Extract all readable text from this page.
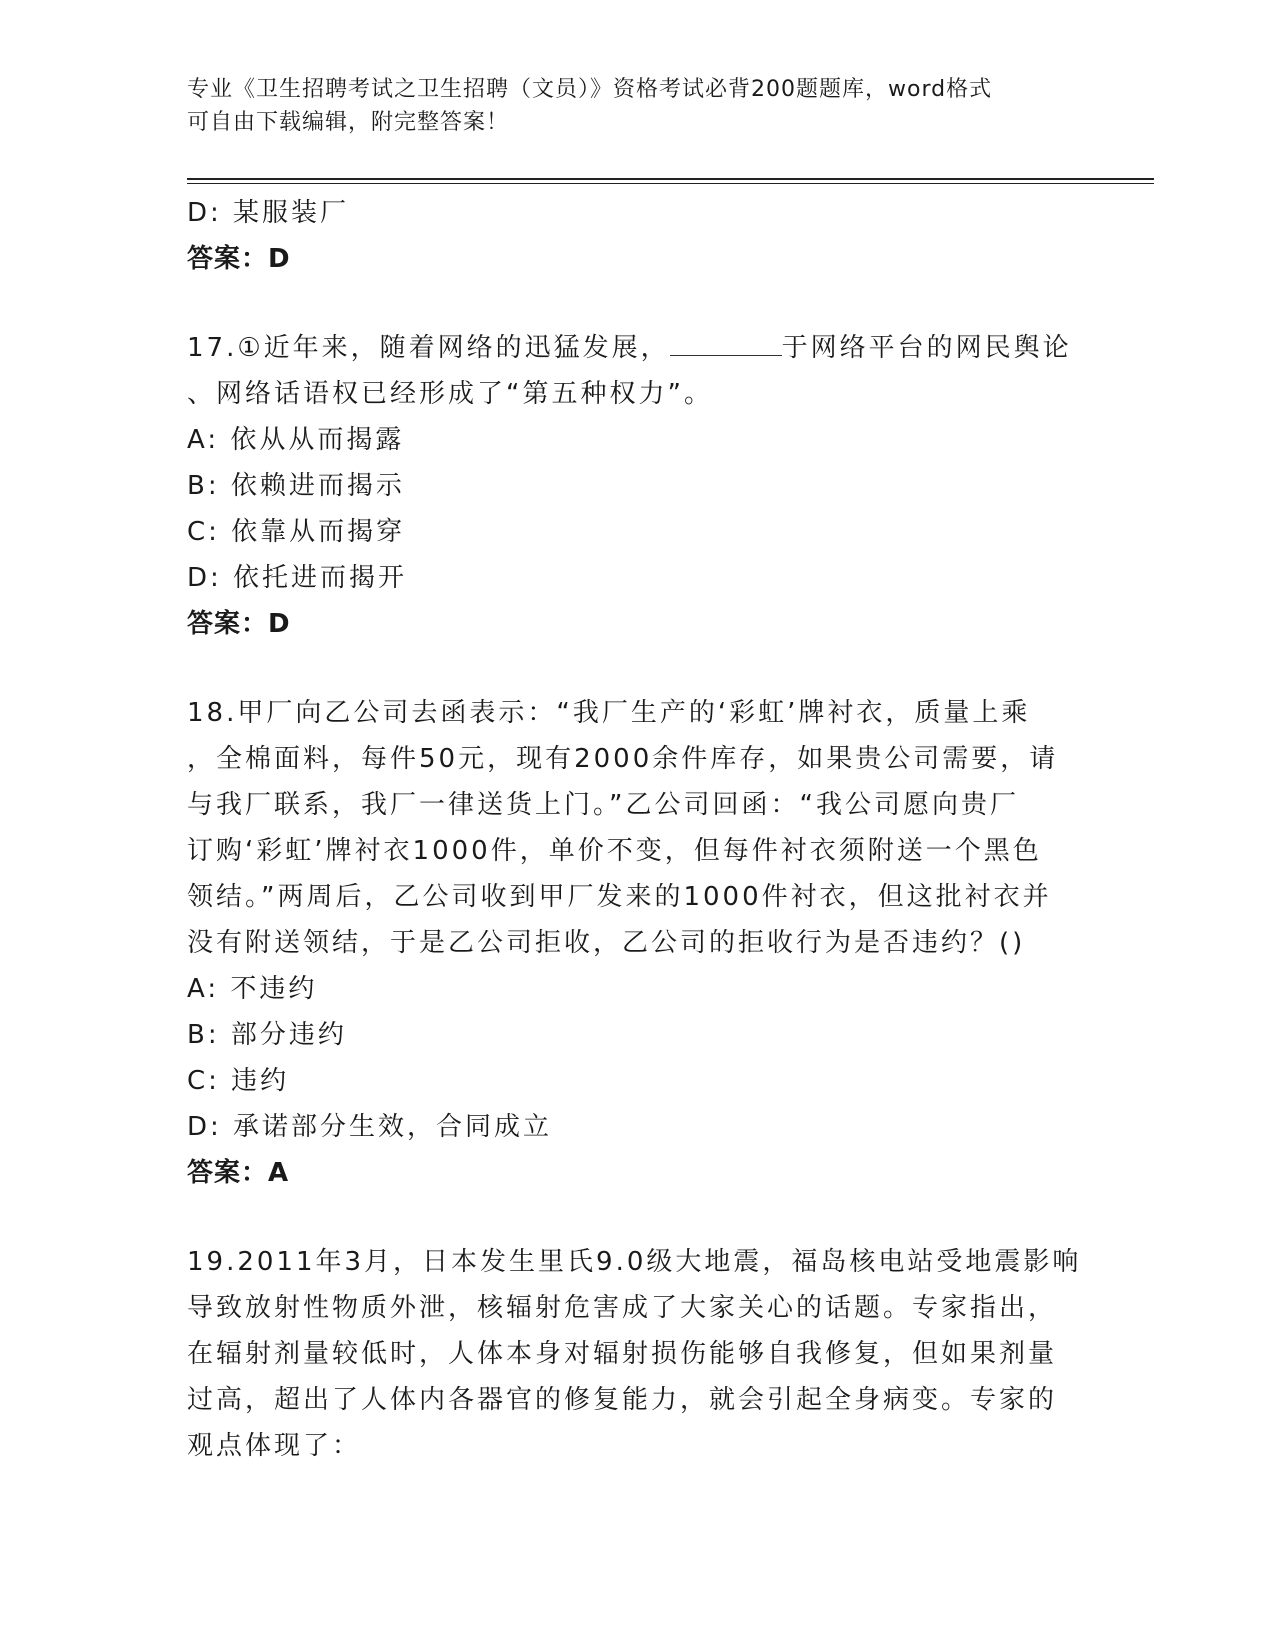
专业《卫生招聘考试之卫生招聘（文员）》资格考试必背200题题库，word格式
可自由下载编辑，附完整答案！
D: 某服装厂
答案：D
17.①近年来，随着网络的迅猛发展，	于网络平台的网民舆论
、网络话语权已经形成了“第五种权力”。
A: 依从从而揭露
B: 依赖进而揭示
C: 依靠从而揭穿
D: 依托进而揭开
答案：D
18.甲厂向乙公司去函表示：“我厂生产的‘彩虹’牌衬衣，质量上乘
，全棉面料，每件50元，现有2000余件库存，如果贵公司需要，请
与我厂联系，我厂一律送货上门。”乙公司回函：“我公司愿向贵厂
订购‘彩虹’牌衬衣1000件，单价不变，但每件衬衣须附送一个黑色
领结。”两周后，乙公司收到甲厂发来的1000件衬衣，但这批衬衣并
没有附送领结，于是乙公司拒收，乙公司的拒收行为是否违约？()
A: 不违约
B: 部分违约
C: 违约
D: 承诺部分生效，合同成立
答案：A
19.2011年3月，日本发生里氏9.0级大地震，福岛核电站受地震影响
导致放射性物质外泄，核辐射危害成了大家关心的话题。专家指出，
在辐射剂量较低时，人体本身对辐射损伤能够自我修复，但如果剂量
过高，超出了人体内各器官的修复能力，就会引起全身病变。专家的
观点体现了：
